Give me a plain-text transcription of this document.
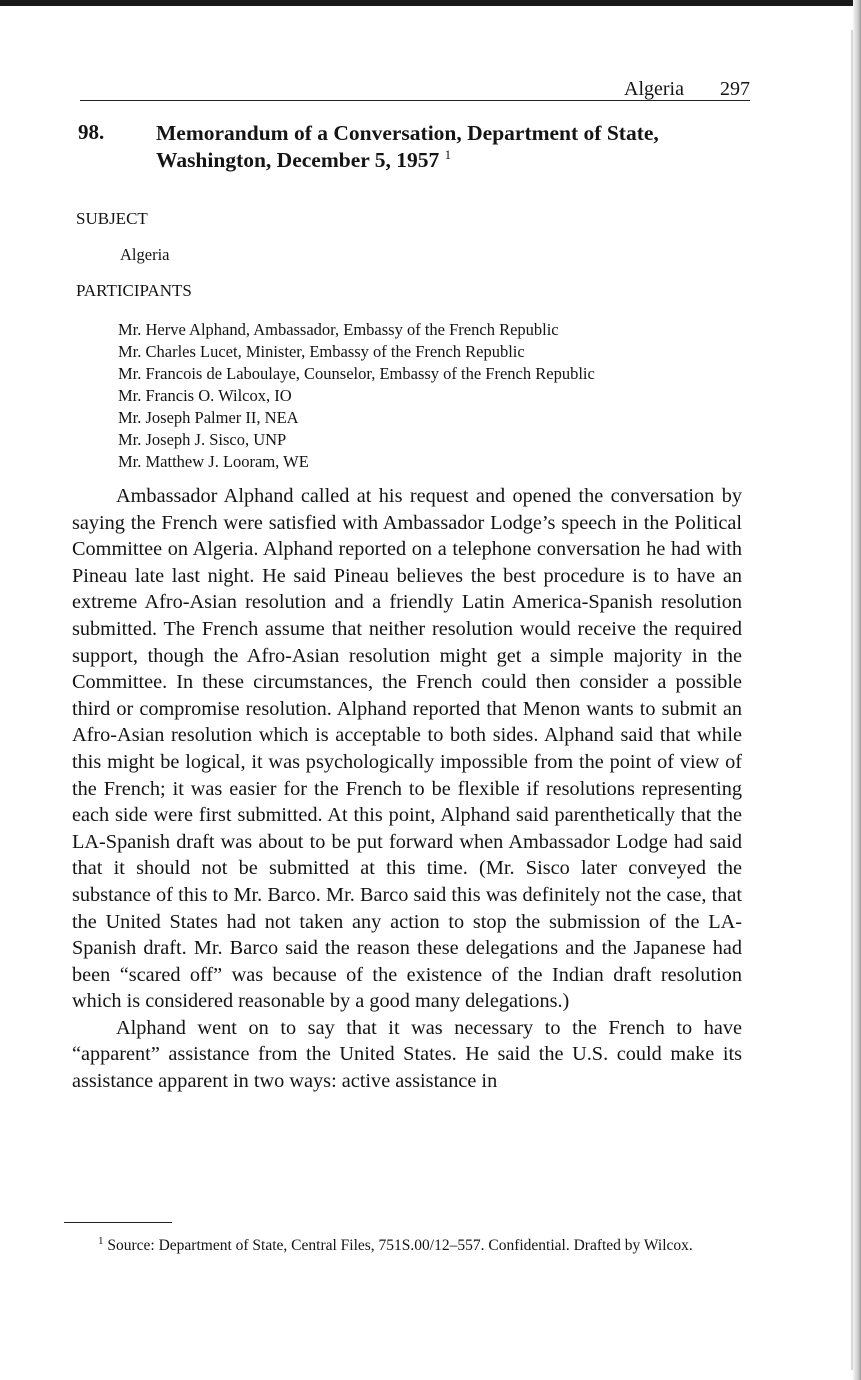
Algeria 297
98. Memorandum of a Conversation, Department of State, Washington, December 5, 1957 $^1$
SUBJECT
Algeria
PARTICIPANTS
Mr. Herve Alphand, Ambassador, Embassy of the French Republic
Mr. Charles Lucet, Minister, Embassy of the French Republic
Mr. Francois de Laboulaye, Counselor, Embassy of the French Republic
Mr. Francis O. Wilcox, IO
Mr. Joseph Palmer II, NEA
Mr. Joseph J. Sisco, UNP
Mr. Matthew J. Looram, WE

Ambassador Alphand called at his request and opened the conversation by saying the French were satisfied with Ambassador Lodge’s speech in the Political Committee on Algeria. Alphand reported on a telephone conversation he had with Pineau late last night. He said Pineau believes the best procedure is to have an extreme Afro-Asian resolution and a friendly Latin America-Spanish resolution submitted. The French assume that neither resolution would receive the required support, though the Afro-Asian resolution might get a simple majority in the Committee. In these circumstances, the French could then consider a possible third or compromise resolution. Alphand reported that Menon wants to submit an Afro-Asian resolution which is acceptable to both sides. Alphand said that while this might be logical, it was psychologically impossible from the point of view of the French; it was easier for the French to be flexible if resolutions representing each side were first submitted. At this point, Alphand said parenthetically that the LA-Spanish draft was about to be put forward when Ambassador Lodge had said that it should not be submitted at this time. (Mr. Sisco later conveyed the substance of this to Mr. Barco. Mr. Barco said this was definitely not the case, that the United States had not taken any action to stop the submission of the LA-Spanish draft. Mr. Barco said the reason these delegations and the Japanese had been “scared off” was because of the existence of the Indian draft resolution which is considered reasonable by a good many delegations.)

Alphand went on to say that it was necessary to the French to have “apparent” assistance from the United States. He said the U.S. could make its assistance apparent in two ways: active assistance in

$^1$ Source: Department of State, Central Files, 751S.00/12–557. Confidential. Drafted by Wilcox.
